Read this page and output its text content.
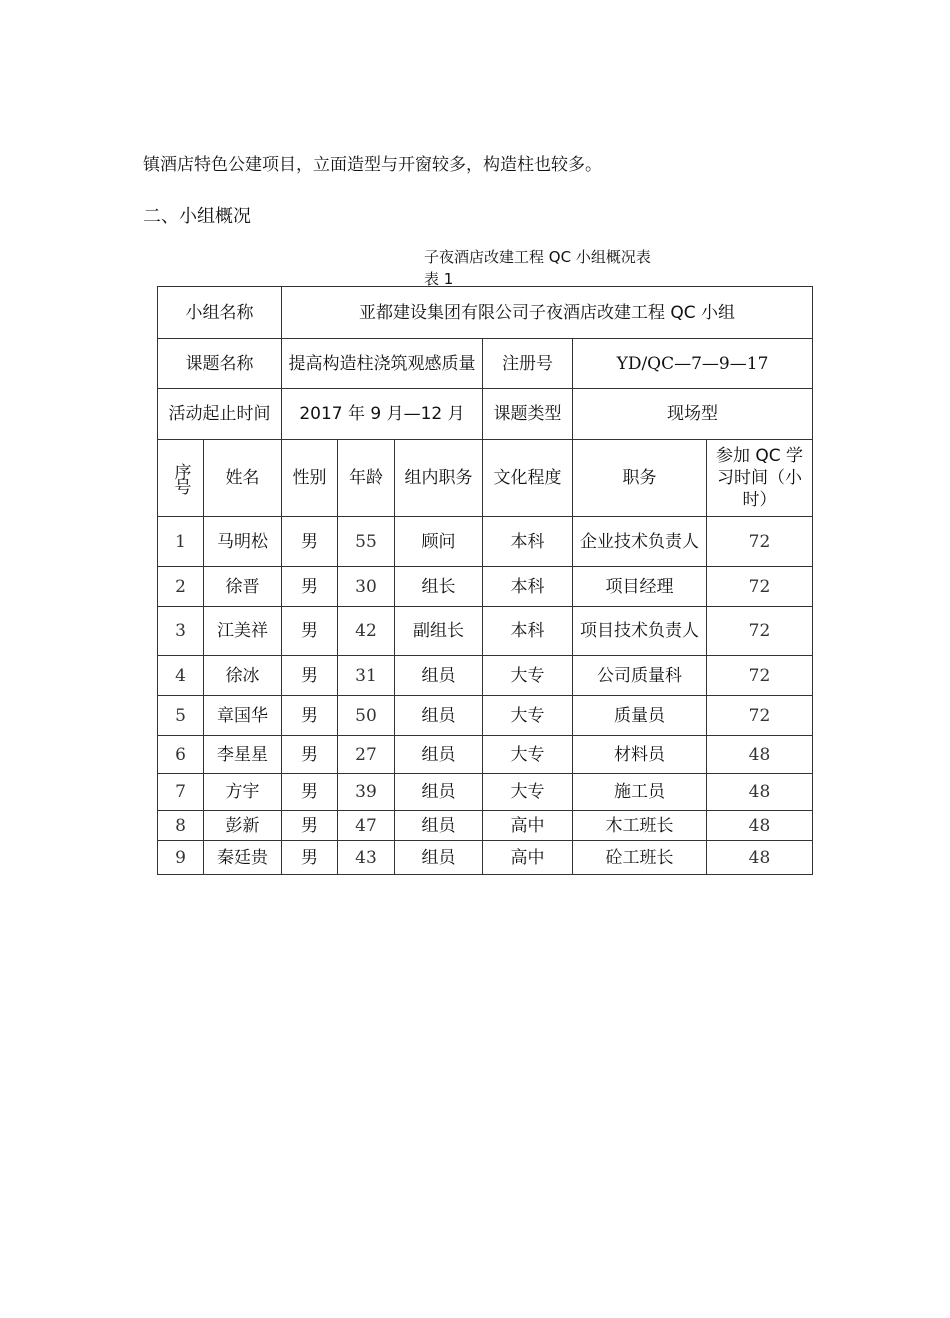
镇酒店特色公建项目，立面造型与开窗较多，构造柱也较多。
二、小组概况
子夜酒店改建工程 QC 小组概况表
表 1
小组名称		亚都建设集团有限公司子夜酒店改建工程 QC 小组					
课题名称		提高构造柱浇筑观感质量			注册号	YD/QC—7—9—17	
活动起止时间		2017 年 9 月—12 月			课题类型	现场型	
序号	姓名	性别	年龄	组内职务	文化程度	职务	参加 QC 学习时间（小时）
1	马明松	男	55	顾问	本科	企业技术负责人	72
2	徐晋	男	30	组长	本科	项目经理	72
3	江美祥	男	42	副组长	本科	项目技术负责人	72
4	徐冰	男	31	组员	大专	公司质量科	72
5	章国华	男	50	组员	大专	质量员	72
6	李星星	男	27	组员	大专	材料员	48
7	方宇	男	39	组员	大专	施工员	48
8	彭新	男	47	组员	高中	木工班长	48
9	秦廷贵	男	43	组员	高中	砼工班长	48
